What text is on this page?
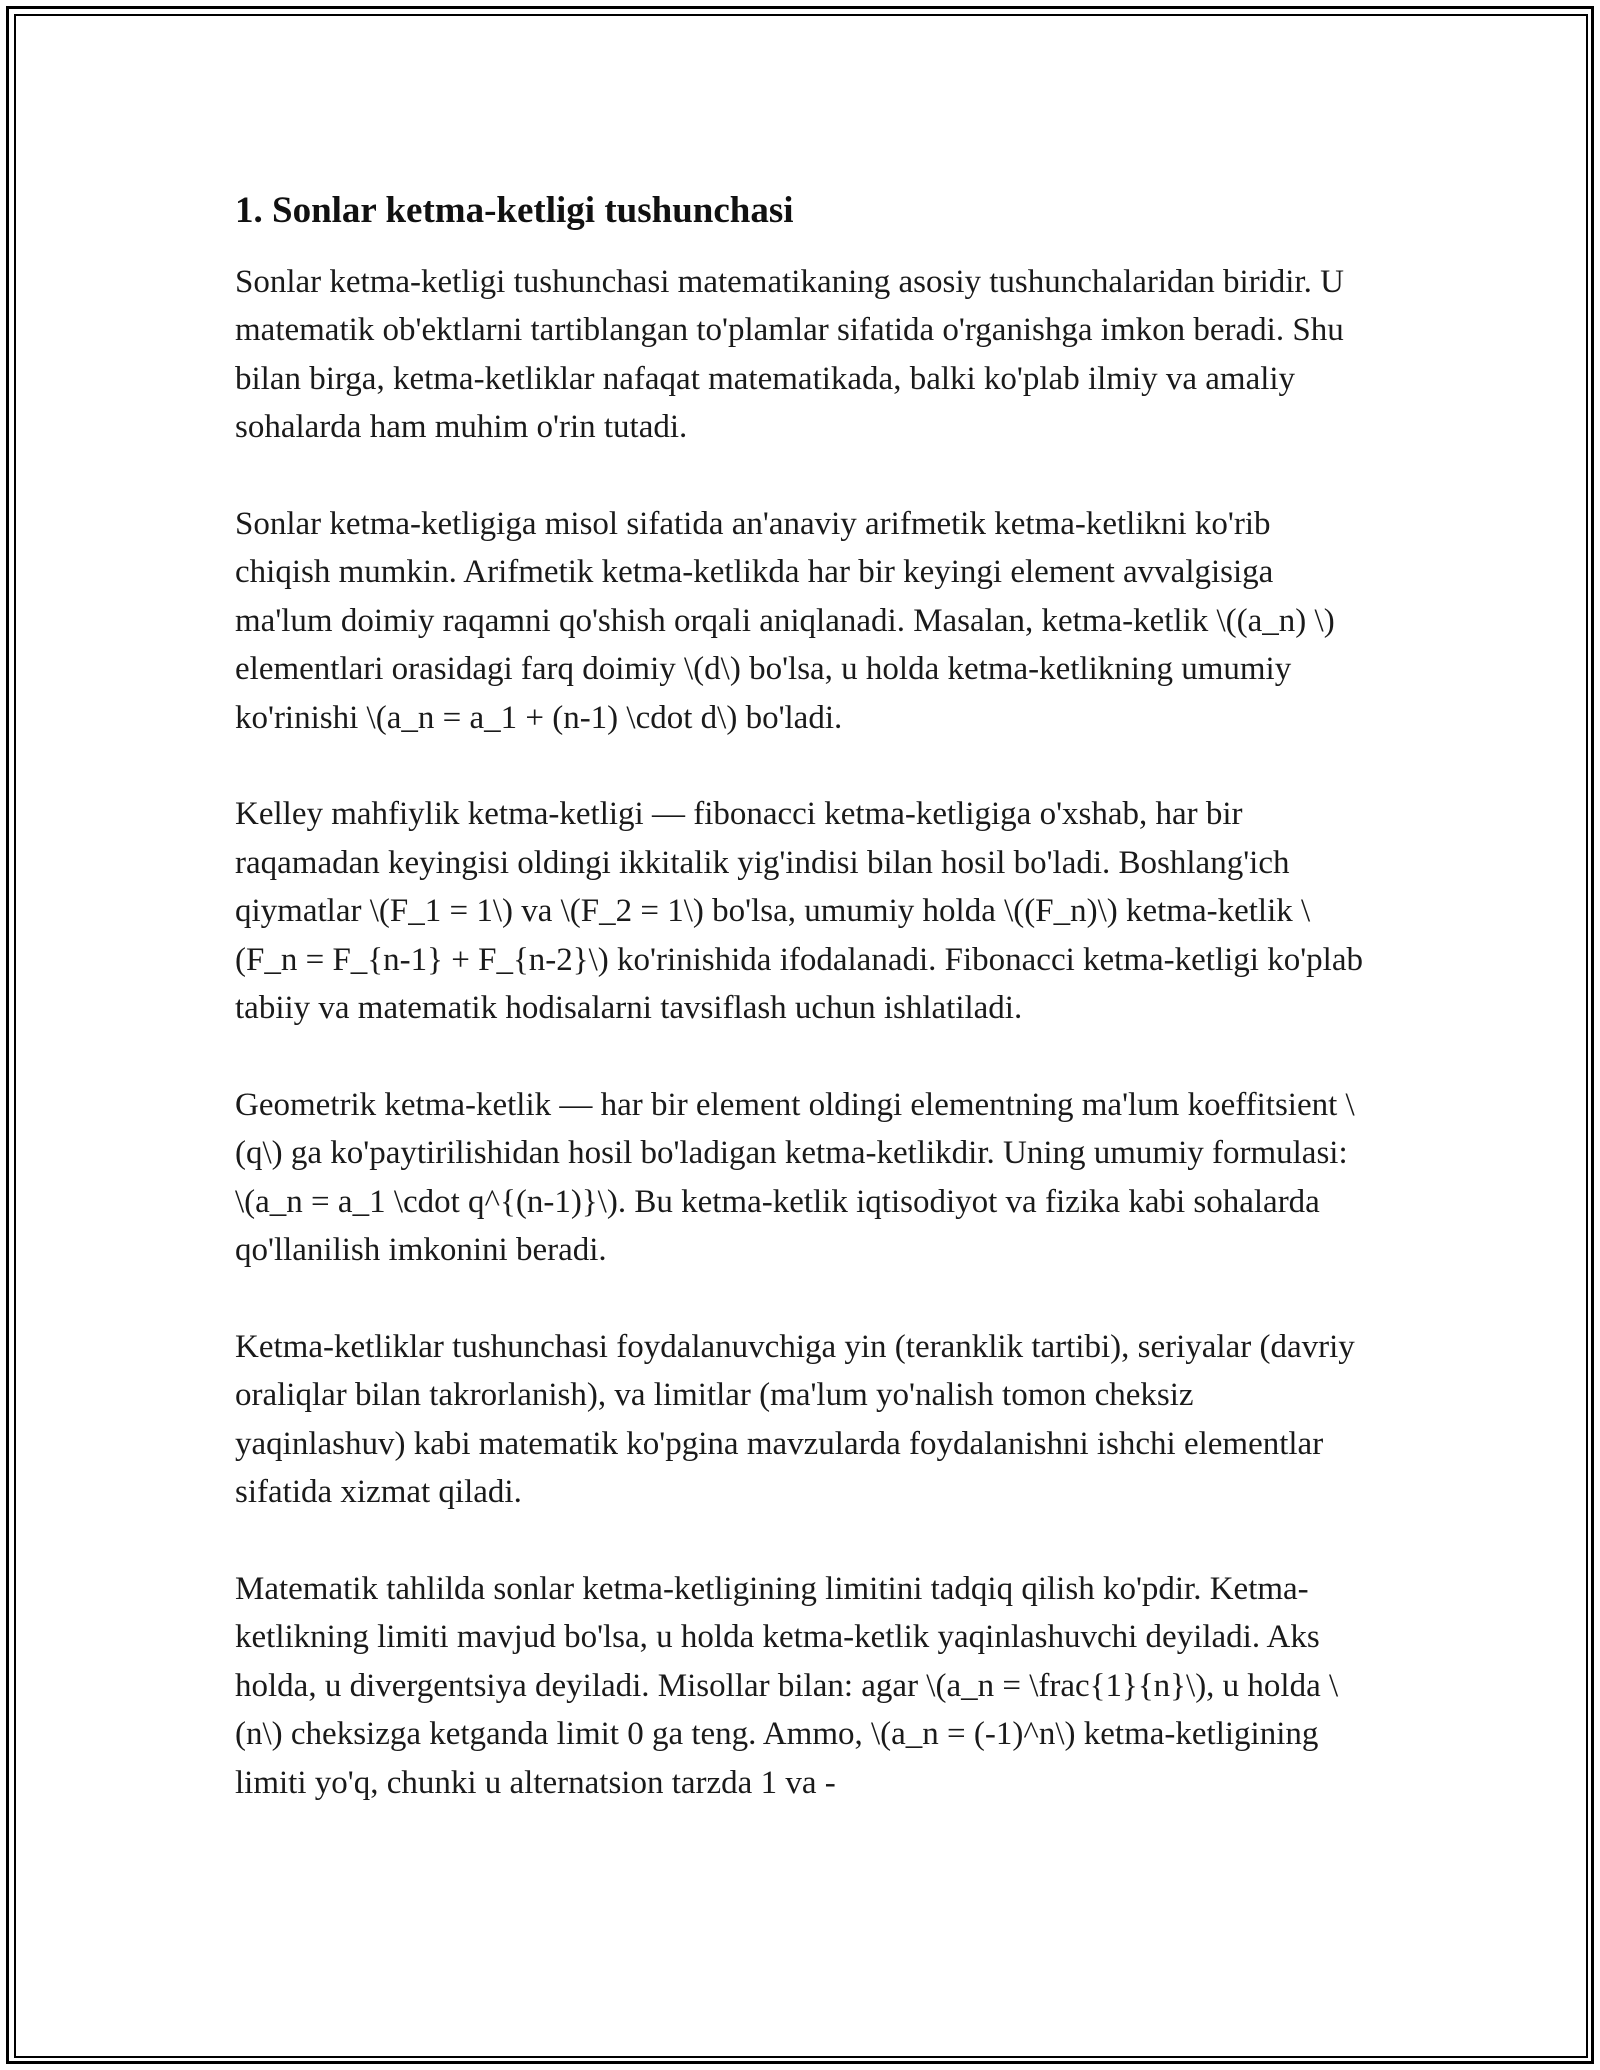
1. Sonlar ketma-ketligi tushunchasi

Sonlar ketma-ketligi tushunchasi matematikaning asosiy tushunchalaridan biridir. U matematik ob'ektlarni tartiblangan to'plamlar sifatida o'rganishga imkon beradi. Shu bilan birga, ketma-ketliklar nafaqat matematikada, balki ko'plab ilmiy va amaliy sohalarda ham muhim o'rin tutadi.

Sonlar ketma-ketligiga misol sifatida an'anaviy arifmetik ketma-ketlikni ko'rib chiqish mumkin. Arifmetik ketma-ketlikda har bir keyingi element avvalgisiga ma'lum doimiy raqamni qo'shish orqali aniqlanadi. Masalan, ketma-ketlik \((a_n) \) elementlari orasidagi farq doimiy \(d\) bo'lsa, u holda ketma-ketlikning umumiy ko'rinishi \(a_n = a_1 + (n-1) \cdot d\) bo'ladi.

Kelley mahfiylik ketma-ketligi — fibonacci ketma-ketligiga o'xshab, har bir raqamadan keyingisi oldingi ikkitalik yig'indisi bilan hosil bo'ladi. Boshlang'ich qiymatlar \(F_1 = 1\) va \(F_2 = 1\) bo'lsa, umumiy holda \((F_n)\) ketma-ketlik \(F_n = F_{n-1} + F_{n-2}\) ko'rinishida ifodalanadi. Fibonacci ketma-ketligi ko'plab tabiiy va matematik hodisalarni tavsiflash uchun ishlatiladi.

Geometrik ketma-ketlik — har bir element oldingi elementning ma'lum koeffitsient \(q\) ga ko'paytirilishidan hosil bo'ladigan ketma-ketlikdir. Uning umumiy formulasi: \(a_n = a_1 \cdot q^{(n-1)}\). Bu ketma-ketlik iqtisodiyot va fizika kabi sohalarda qo'llanilish imkonini beradi.

Ketma-ketliklar tushunchasi foydalanuvchiga yin (teranklik tartibi), seriyalar (davriy oraliqlar bilan takrorlanish), va limitlar (ma'lum yo'nalish tomon cheksiz yaqinlashuv) kabi matematik ko'pgina mavzularda foydalanishni ishchi elementlar sifatida xizmat qiladi.

Matematik tahlilda sonlar ketma-ketligining limitini tadqiq qilish ko'pdir. Ketma-ketlikning limiti mavjud bo'lsa, u holda ketma-ketlik yaqinlashuvchi deyiladi. Aks holda, u divergentsiya deyiladi. Misollar bilan: agar \(a_n = \frac{1}{n}\), u holda \(n\) cheksizga ketganda limit 0 ga teng. Ammo, \(a_n = (-1)^n\) ketma-ketligining limiti yo'q, chunki u alternatsion tarzda 1 va -
